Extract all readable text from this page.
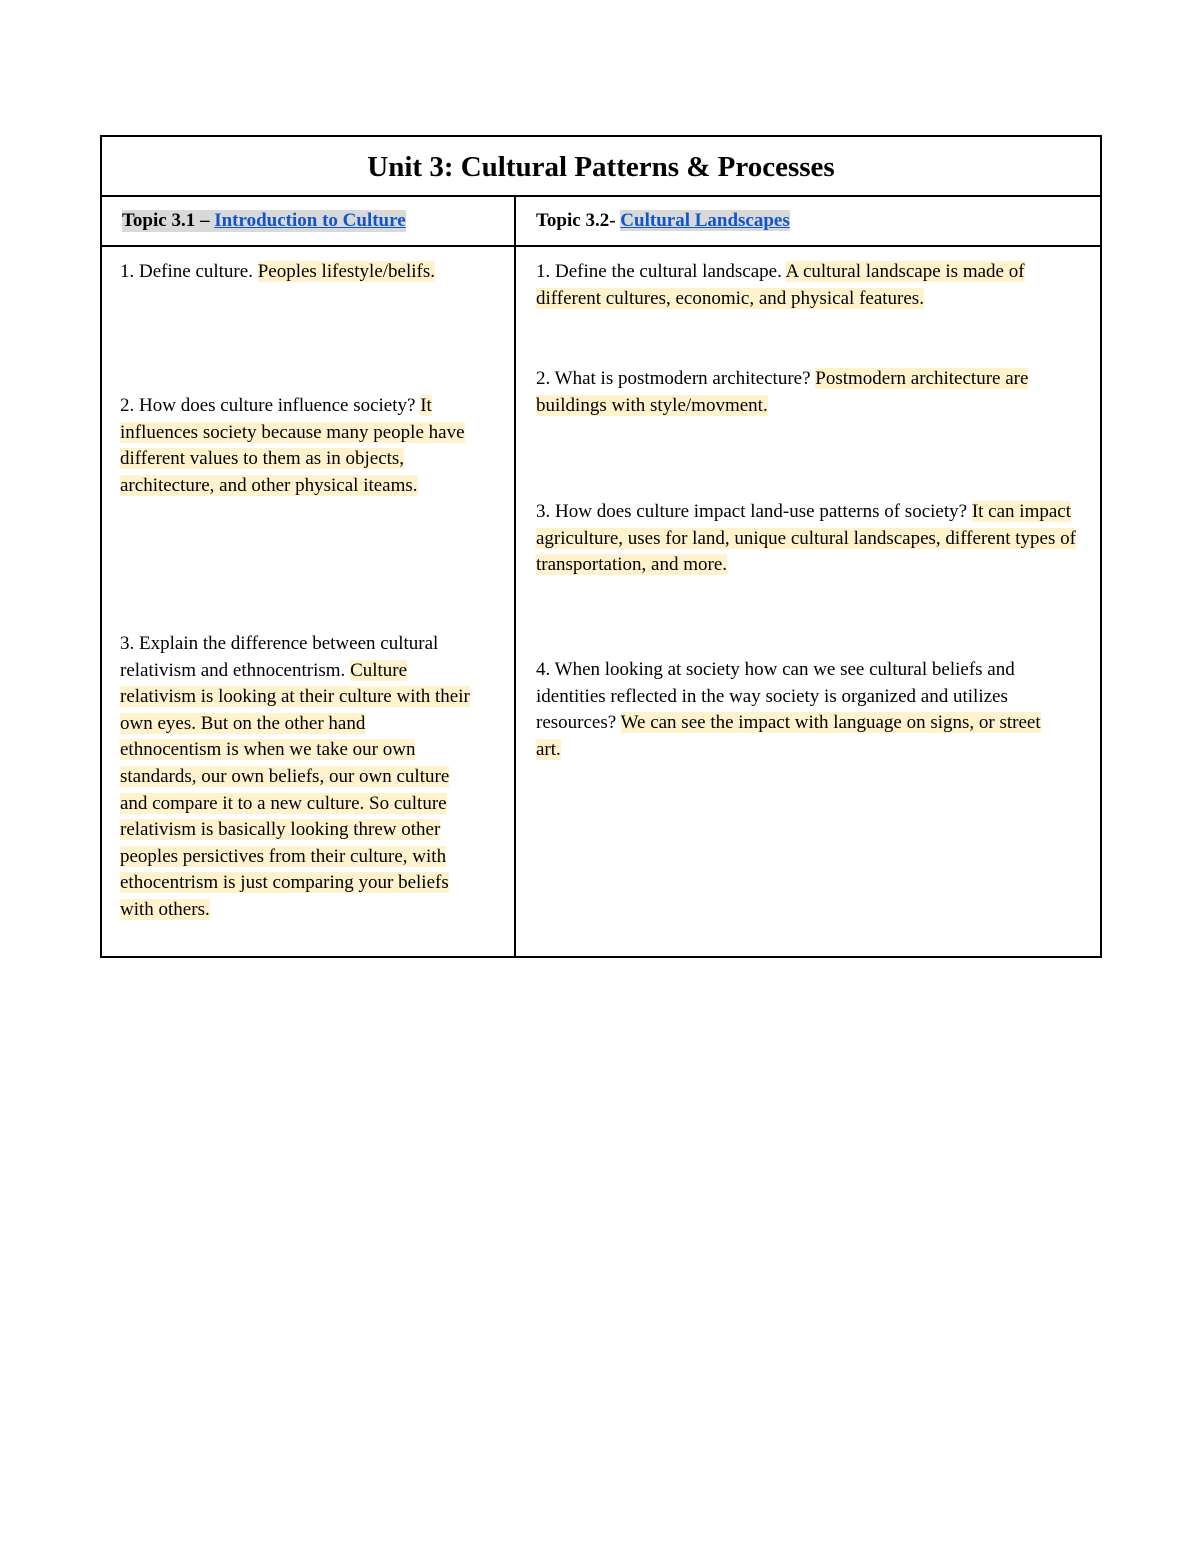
Unit 3: Cultural Patterns & Processes
Topic 3.1 – Introduction to Culture	Topic 3.2- Cultural Landscapes

1. Define culture. Peoples lifestyle/belifs.

2. How does culture influence society? It influences society because many people have different values to them as in objects, architecture, and other physical iteams.

3. Explain the difference between cultural relativism and ethnocentrism. Culture relativism is looking at their culture with their own eyes. But on the other hand ethnocentism is when we take our own standards, our own beliefs, our own culture and compare it to a new culture. So culture relativism is basically looking threw other peoples persictives from their culture, with ethocentrism is just comparing your beliefs with others.

1. Define the cultural landscape. A cultural landscape is made of different cultures, economic, and physical features.

2. What is postmodern architecture? Postmodern architecture are buildings with style/movment.

3. How does culture impact land-use patterns of society? It can impact agriculture, uses for land, unique cultural landscapes, different types of transportation, and more.

4. When looking at society how can we see cultural beliefs and identities reflected in the way society is organized and utilizes resources? We can see the impact with language on signs, or street art.
